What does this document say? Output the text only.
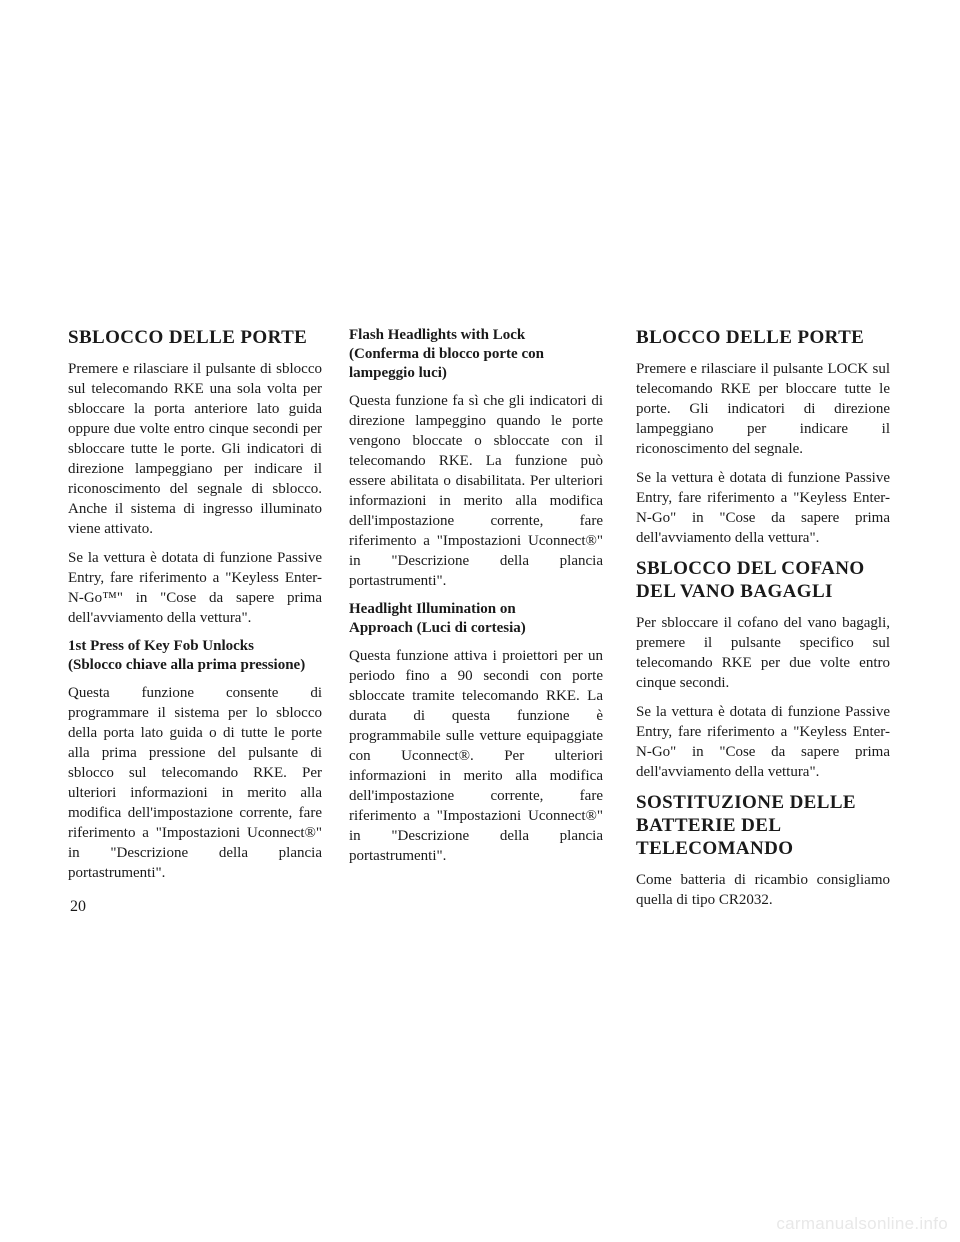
SBLOCCO DELLE PORTE

Premere e rilasciare il pulsante di sblocco sul telecomando RKE una sola volta per sbloccare la porta anteriore lato guida oppure due volte entro cinque secondi per sbloccare tutte le porte. Gli indicatori di direzione lampeggiano per indicare il riconoscimento del segnale di sblocco. Anche il sistema di ingresso illuminato viene attivato.

Se la vettura è dotata di funzione Passive Entry, fare riferimento a "Keyless Enter-N-Go™" in "Cose da sapere prima dell'avviamento della vettura".

1st Press of Key Fob Unlocks
(Sblocco chiave alla prima pressione)

Questa funzione consente di programmare il sistema per lo sblocco della porta lato guida o di tutte le porte alla prima pressione del pulsante di sblocco sul telecomando RKE. Per ulteriori informazioni in merito alla modifica dell'impostazione corrente, fare riferimento a "Impostazioni Uconnect®" in "Descrizione della plancia portastrumenti".

Flash Headlights with Lock
(Conferma di blocco porte con lampeggio luci)

Questa funzione fa sì che gli indicatori di direzione lampeggino quando le porte vengono bloccate o sbloccate con il telecomando RKE. La funzione può essere abilitata o disabilitata. Per ulteriori informazioni in merito alla modifica dell'impostazione corrente, fare riferimento a "Impostazioni Uconnect®" in "Descrizione della plancia portastrumenti".

Headlight Illumination on
Approach (Luci di cortesia)

Questa funzione attiva i proiettori per un periodo fino a 90 secondi con porte sbloccate tramite telecomando RKE. La durata di questa funzione è programmabile sulle vetture equipaggiate con Uconnect®. Per ulteriori informazioni in merito alla modifica dell'impostazione corrente, fare riferimento a "Impostazioni Uconnect®" in "Descrizione della plancia portastrumenti".

BLOCCO DELLE PORTE

Premere e rilasciare il pulsante LOCK sul telecomando RKE per bloccare tutte le porte. Gli indicatori di direzione lampeggiano per indicare il riconoscimento del segnale.

Se la vettura è dotata di funzione Passive Entry, fare riferimento a "Keyless Enter-N-Go" in "Cose da sapere prima dell'avviamento della vettura".

SBLOCCO DEL COFANO
DEL VANO BAGAGLI

Per sbloccare il cofano del vano bagagli, premere il pulsante specifico sul telecomando RKE per due volte entro cinque secondi.

Se la vettura è dotata di funzione Passive Entry, fare riferimento a "Keyless Enter-N-Go" in "Cose da sapere prima dell'avviamento della vettura".

SOSTITUZIONE DELLE
BATTERIE DEL
TELECOMANDO

Come batteria di ricambio consigliamo quella di tipo CR2032.

20
carmanualsonline.info
